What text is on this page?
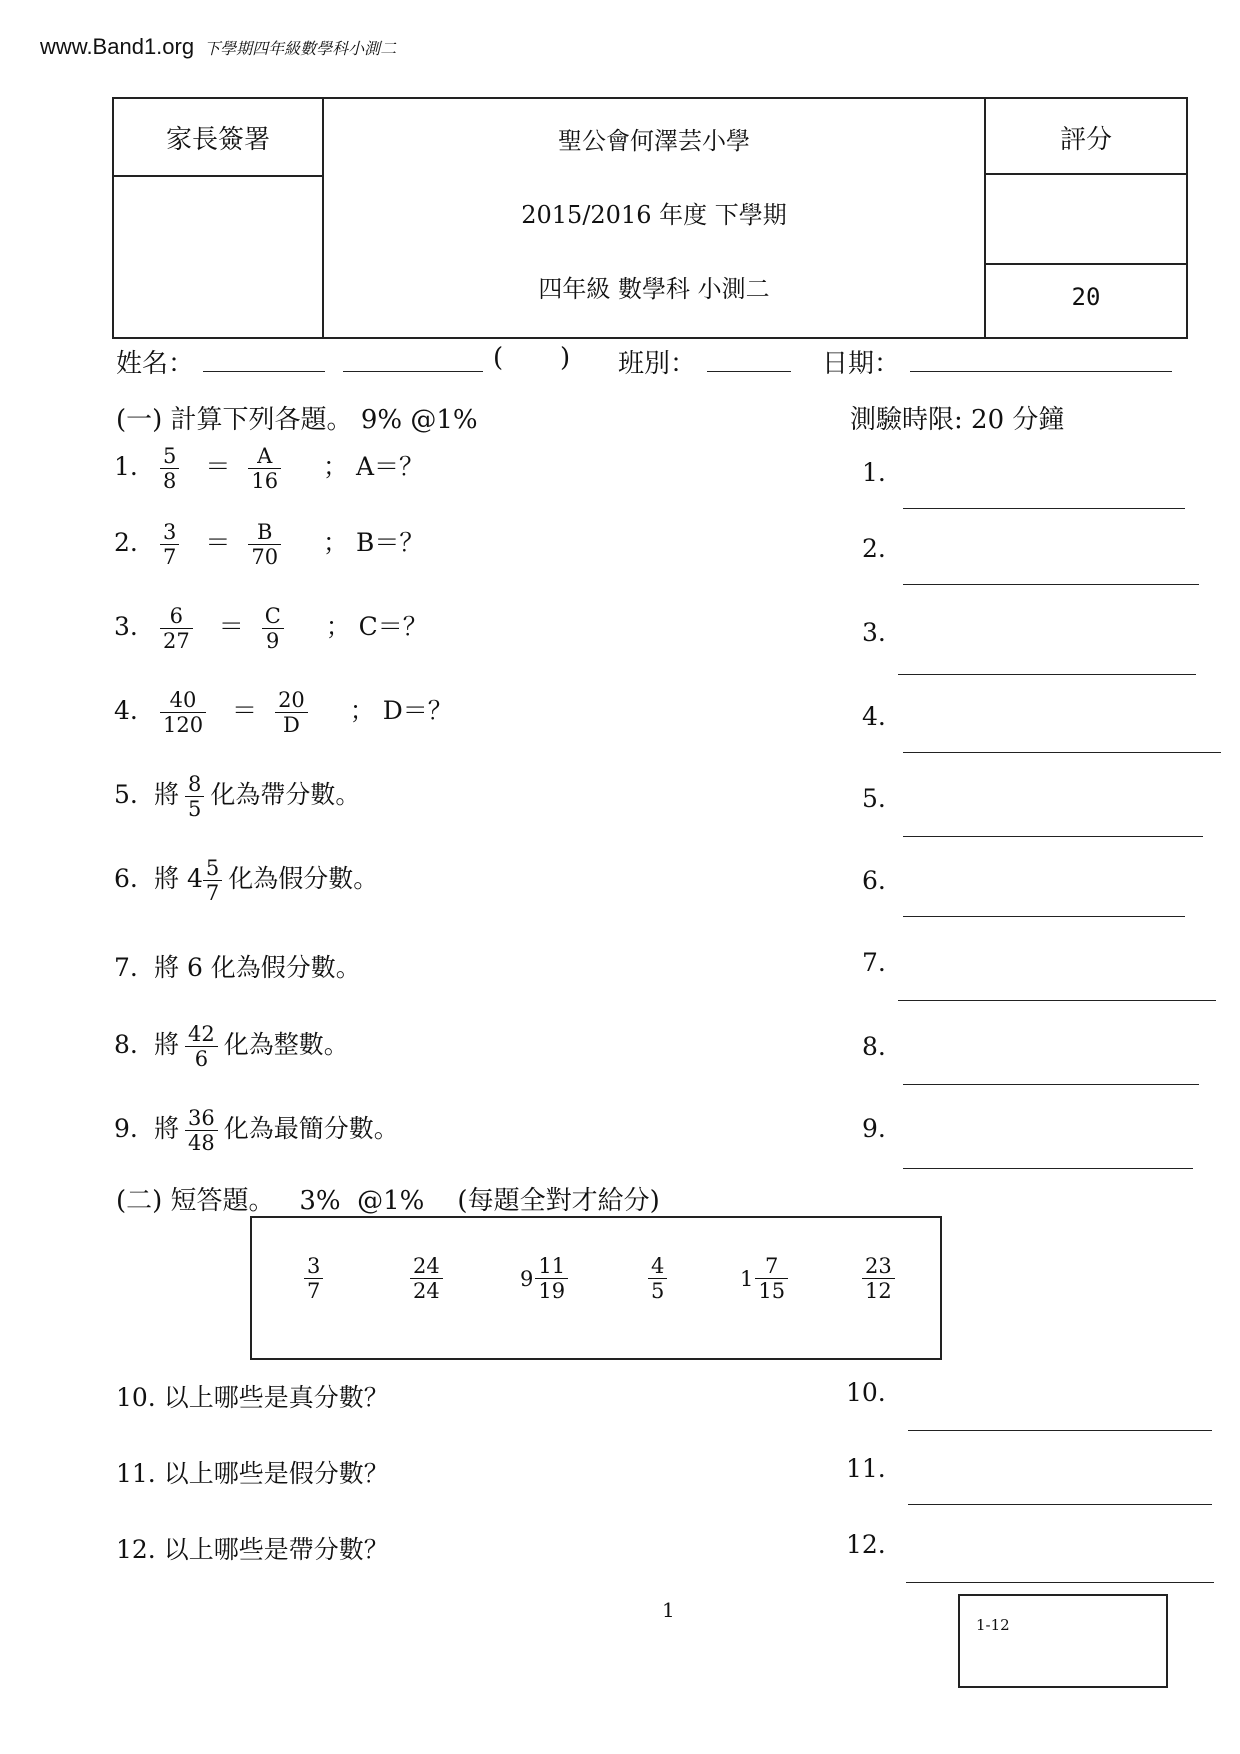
www.Band1.org 下學期四年級數學科小測二
家長簽署	聖公會何澤芸小學
2015/2016 年度 下學期
四年級 數學科 小測二
評分
20
姓名：	( ) 班別：	日期：
(一) 計算下列各題。 9% @1%	測驗時限: 20 分鐘
1. $\frac{5}{8} = \frac{A}{16}$ ； A＝？
2. $\frac{3}{7} = \frac{B}{70}$ ； B＝？
3. $\frac{6}{27} = \frac{C}{9}$ ； C＝？
4. $\frac{40}{120} = \frac{20}{D}$ ； D＝？
5. 將 $\frac{8}{5}$ 化為帶分數。
6. 將 $4 \frac{5}{7}$ 化為假分數。
7. 將 6 化為假分數。
8. 將 $\frac{42}{6}$ 化為整數。
9. 將 $\frac{36}{48}$ 化為最簡分數。
1.
2.
3.
4.
5.
6.
7.
8.
9.
(二) 短答題。   3%  @1%    (每題全對才給分)
$\frac{3}{7}$	$\frac{24}{24}$	$9 \frac{11}{19}$	$\frac{4}{5}$	$1 \frac{7}{15}$	$\frac{23}{12}$
10. 以上哪些是真分數？
11. 以上哪些是假分數？
12. 以上哪些是帶分數？
10.
11.
12.
1
1-12
